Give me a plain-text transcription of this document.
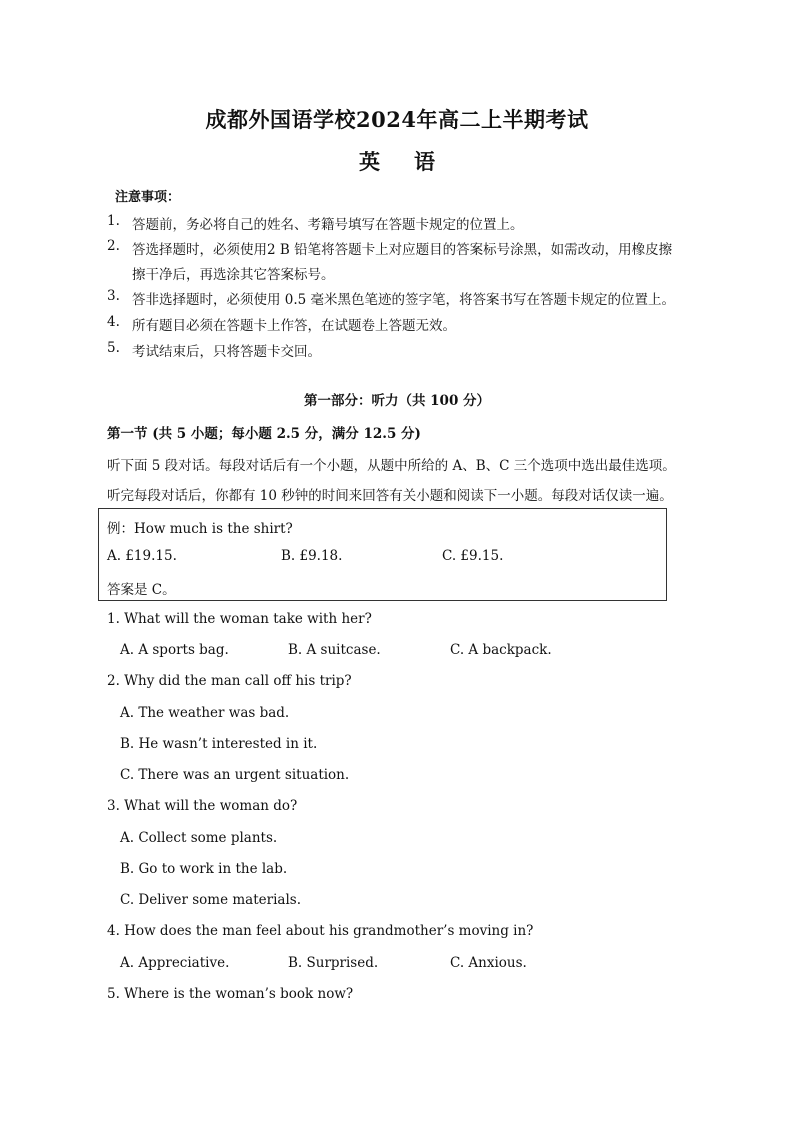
成都外国语学校2024年高二上半期考试
英语
注意事项：
1. 答题前，务必将自己的姓名、考籍号填写在答题卡规定的位置上。
2. 答选择题时，必须使用2 B 铅笔将答题卡上对应题目的答案标号涂黑，如需改动，用橡皮擦
擦干净后，再选涂其它答案标号。
3. 答非选择题时，必须使用 0.5 毫米黑色笔迹的签字笔，将答案书写在答题卡规定的位置上。
4. 所有题目必须在答题卡上作答，在试题卷上答题无效。
5. 考试结束后，只将答题卡交回。
第一部分：听力（共 100 分）
第一节 (共 5 小题；每小题 2.5 分，满分 12.5 分)
听下面 5 段对话。每段对话后有一个小题，从题中所给的 A、B、C 三个选项中选出最佳选项。
听完每段对话后，你都有 10 秒钟的时间来回答有关小题和阅读下一小题。每段对话仅读一遍。
例：How much is the shirt?
A. £19.15.	B. £9.18.	C. £9.15.
答案是 C。
1. What will the woman take with her?
A. A sports bag.	B. A suitcase.	C. A backpack.
2. Why did the man call off his trip?
A. The weather was bad.
B. He wasn’t interested in it.
C. There was an urgent situation.
3. What will the woman do?
A. Collect some plants.
B. Go to work in the lab.
C. Deliver some materials.
4. How does the man feel about his grandmother’s moving in?
A. Appreciative.	B. Surprised.	C. Anxious.
5. Where is the woman’s book now?
